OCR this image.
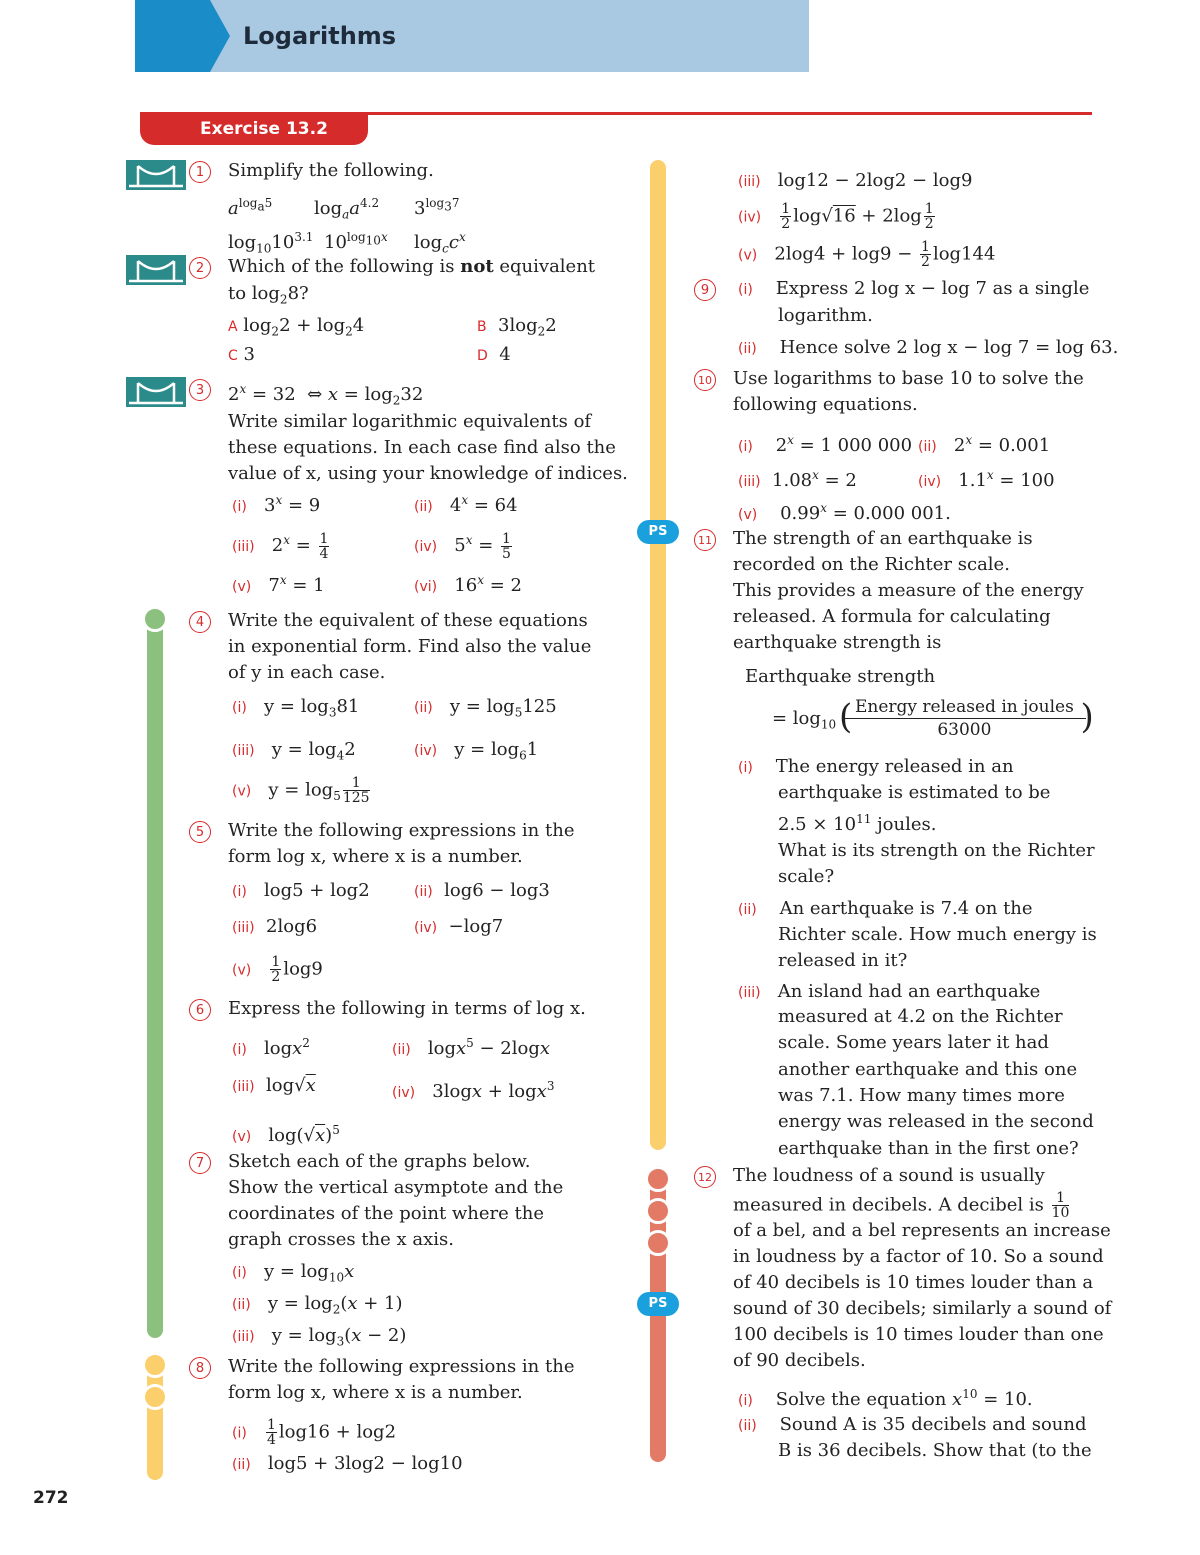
Logarithms
Exercise 13.2
272
PS
PS
1	Simplify the following.
$a^{log_a5}$ $\log_aa^{4.2}$ $3^{log_37}$
$\log_{10}10^{3.1}$ $10^{log_{10}x}$ $\log_cc^x$
2	Which of the following is not equivalent
to $\log_28$?
A $\log_22 + \log_24$	B  $3\log_22$
C 3	D 4
3	$2^x = 32$  ⇔ $x = \log_232$
Write similar logarithmic equivalents of
these equations. In each case find also the
value of x, using your knowledge of indices.
(i)   $3^x = 9$	(ii)   $4^x = 64$
(iii)   $2^x = \frac{1}{4}$	(iv)   $5^x = \frac{1}{5}$
(v)   $7^x = 1$	(vi)   $16^x = 2$
4	Write the equivalent of these equations
in exponential form. Find also the value
of y in each case.
(i)   $y = \log_381$	(ii)   $y = \log_5125$
(iii)   $y = \log_42$	(iv)   $y = \log_61$
(v)   $y = \log_5 \frac{1}{125}$
5	Write the following expressions in the
form log x, where x is a number.
(i)   log5 + log2	(ii)  log6 − log3
(iii)  2log6	(iv)  −log7
$(v) \frac{1}{2} \log 9$
6	Express the following in terms of log x.
(i)   logx$^2$	(ii)   logx$^5$ − 2logx
(iii)  log√x	(iv)   3logx + logx$^3$
(v)   $\log(√x)^5$
7	Sketch each of the graphs below.
Show the vertical asymptote and the
coordinates of the point where the
graph crosses the x axis.
(i)   $y = \log_{10}x$
(ii)   $y = \log_2(x + 1)$
(iii)   $y = \log_3(x - 2)$
8	Write the following expressions in the
form log x, where x is a number.
$(i) \frac{1}{4} \log 16 + \log 2$
(ii)   log5 + 3log2 − log10
(iii)   log12 − 2log2 − log9
$(iv) \frac{1}{2} \log√16 + 2\log \frac{1}{2}$
(v)   $2\log 4 + \log 9 - \frac{1}{2} \log 144$
9	(i) Express 2 log x − log 7 as a single
logarithm.
(ii) Hence solve 2 log x − log 7 = log 63.
10 Use logarithms to base 10 to solve the
following equations.
(i)    $2^x = 1$ 000 000 (ii)   $2^x = 0.001$
(iii)  $1.08^x = 2$	(iv)   $1.1^x = 100$
(v)    $0.99^x = 0.000$ 001.
11 The strength of an earthquake is
recorded on the Richter scale.
This provides a measure of the energy
released. A formula for calculating
earthquake strength is
Earthquake strength
= $\log_{10}$ ( Energy released in joules
63000	)
(i) The energy released in an
earthquake is estimated to be
$2.5 \times 10^{11}$ joules.
What is its strength on the Richter
scale?
(ii) An earthquake is 7.4 on the
Richter scale. How much energy is
released in it?
(iii) An island had an earthquake
measured at 4.2 on the Richter
scale. Some years later it had
another earthquake and this one
was 7.1. How many times more
energy was released in the second
earthquake than in the first one?
12 The loudness of a sound is usually
measured in decibels. A decibel is $\frac{1}{10}$
of a bel, and a bel represents an increase
in loudness by a factor of 10. So a sound
of 40 decibels is 10 times louder than a
sound of 30 decibels; similarly a sound of
100 decibels is 10 times louder than one
of 90 decibels.
(i) Solve the equation $x^{10} = 10$.
(ii) Sound A is 35 decibels and sound
B is 36 decibels. Show that (to the
